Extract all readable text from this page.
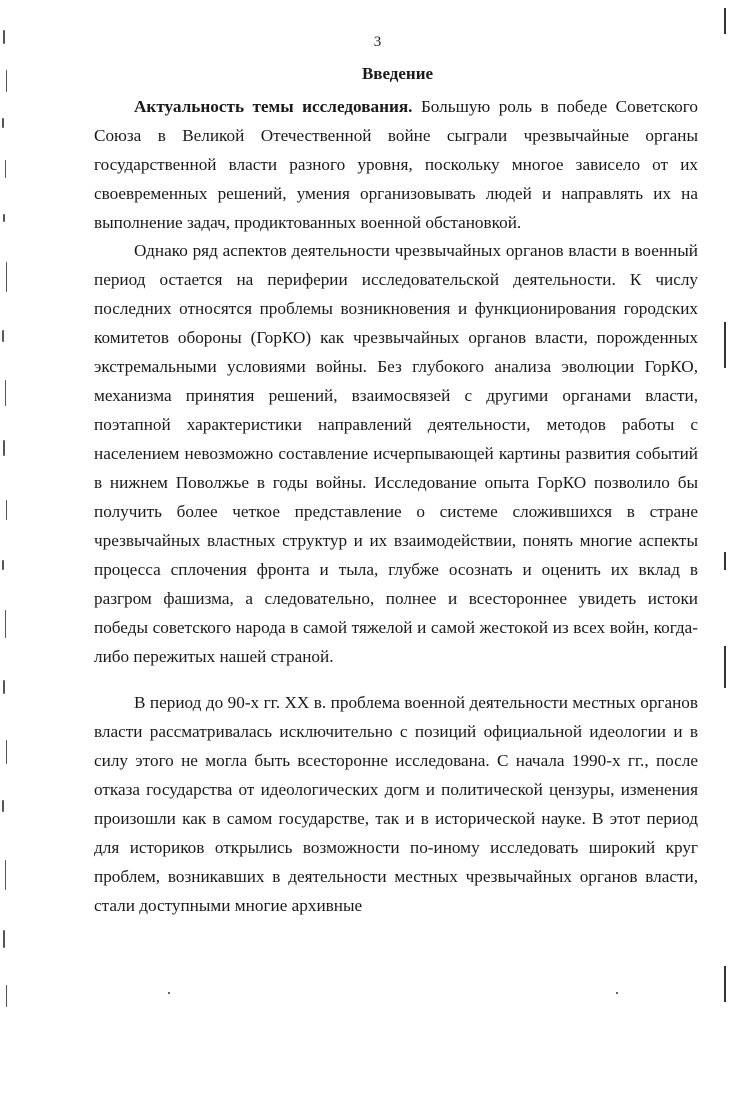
3
Введение

Актуальность темы исследования. Большую роль в победе Советского Союза в Великой Отечественной войне сыграли чрезвычайные органы государственной власти разного уровня, поскольку многое зависело от их своевременных решений, умения организовывать людей и направлять их на выполнение задач, продиктованных военной обстановкой.

Однако ряд аспектов деятельности чрезвычайных органов власти в военный период остается на периферии исследовательской деятельности. К числу последних относятся проблемы возникновения и функционирования городских комитетов обороны (ГорКО) как чрезвычайных органов власти, порожденных экстремальными условиями войны. Без глубокого анализа эволюции ГорКО, механизма принятия решений, взаимосвязей с другими органами власти, поэтапной характеристики направлений деятельности, методов работы с населением невозможно составление исчерпывающей картины развития событий в нижнем Поволжье в годы войны. Исследование опыта ГорКО позволило бы получить более четкое представление о системе сложившихся в стране чрезвычайных властных структур и их взаимодействии, понять многие аспекты процесса сплочения фронта и тыла, глубже осознать и оценить их вклад в разгром фашизма, а следовательно, полнее и всестороннее увидеть истоки победы советского народа в самой тяжелой и самой жестокой из всех войн, когда-либо пережитых нашей страной.

В период до 90-х гг. XX в. проблема военной деятельности местных органов власти рассматривалась исключительно с позиций официальной идеологии и в силу этого не могла быть всесторонне исследована. С начала 1990-х гг., после отказа государства от идеологических догм и политической цензуры, изменения произошли как в самом государстве, так и в исторической науке. В этот период для историков открылись возможности по-иному исследовать широкий круг проблем, возникавших в деятельности местных чрезвычайных органов власти, стали доступными многие архивные
